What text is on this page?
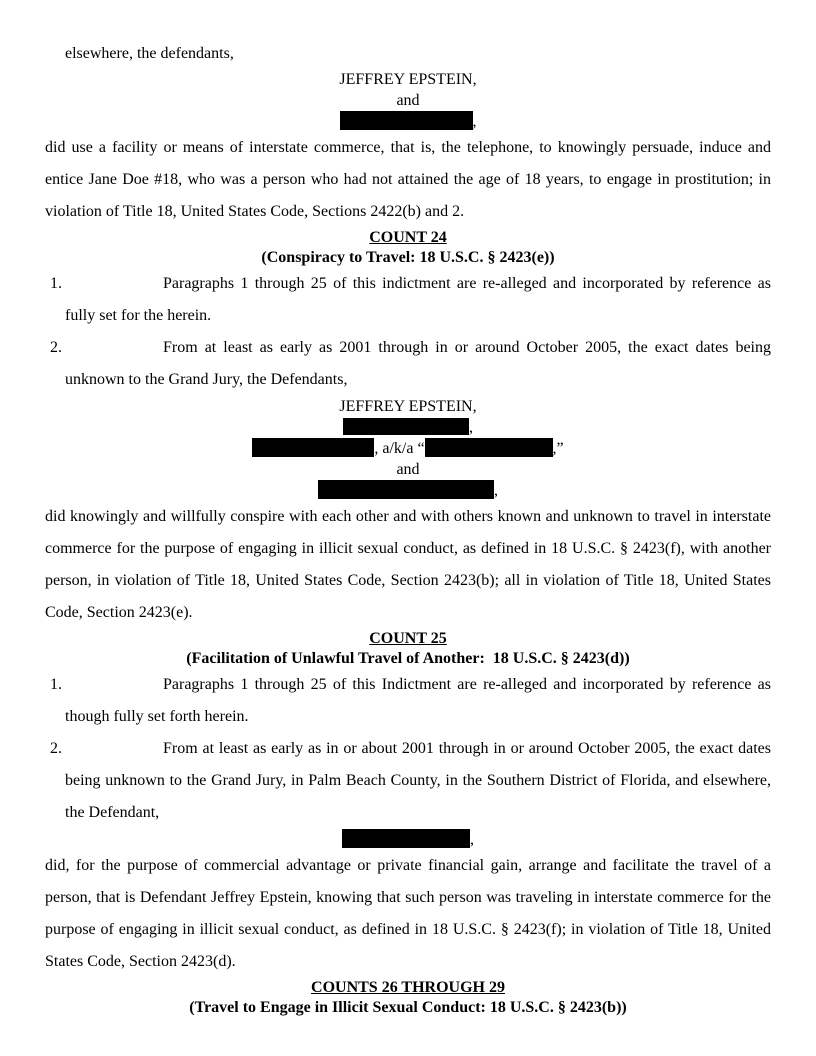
elsewhere, the defendants,

JEFFREY EPSTEIN,
and
,

did use a facility or means of interstate commerce, that is, the telephone, to knowingly persuade, induce and entice Jane Doe #18, who was a person who had not attained the age of 18 years, to engage in prostitution; in violation of Title 18, United States Code, Sections 2422(b) and 2.

COUNT 24
(Conspiracy to Travel: 18 U.S.C. § 2423(e))

1.	Paragraphs 1 through 25 of this indictment are re-alleged and incorporated by reference as fully set for the herein.

2.	From at least as early as 2001 through in or around October 2005, the exact dates being unknown to the Grand Jury, the Defendants,

JEFFREY EPSTEIN,
,
, a/k/a “	,”
and
,

did knowingly and willfully conspire with each other and with others known and unknown to travel in interstate commerce for the purpose of engaging in illicit sexual conduct, as defined in 18 U.S.C. § 2423(f), with another person, in violation of Title 18, United States Code, Section 2423(b); all in violation of Title 18, United States Code, Section 2423(e).

COUNT 25
(Facilitation of Unlawful Travel of Another:  18 U.S.C. § 2423(d))

1.	Paragraphs 1 through 25 of this Indictment are re-alleged and incorporated by reference as though fully set forth herein.

2.	From at least as early as in or about 2001 through in or around October 2005, the exact dates being unknown to the Grand Jury, in Palm Beach County, in the Southern District of Florida, and elsewhere, the Defendant,

,

did, for the purpose of commercial advantage or private financial gain, arrange and facilitate the travel of a person, that is Defendant Jeffrey Epstein, knowing that such person was traveling in interstate commerce for the purpose of engaging in illicit sexual conduct, as defined in 18 U.S.C. § 2423(f); in violation of Title 18, United States Code, Section 2423(d).

COUNTS 26 THROUGH 29
(Travel to Engage in Illicit Sexual Conduct: 18 U.S.C. § 2423(b))
